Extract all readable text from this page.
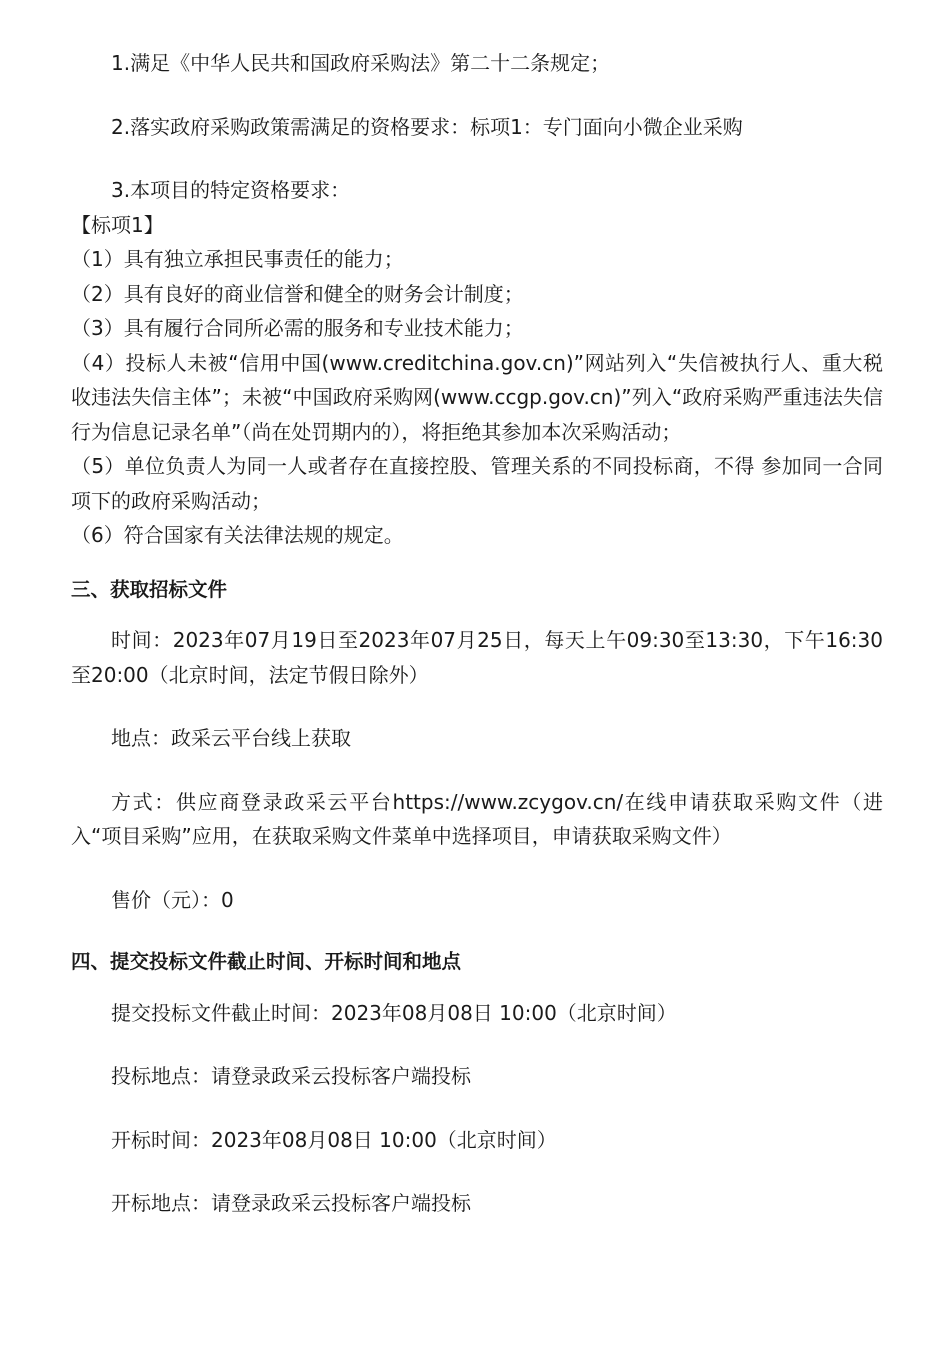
1.满足《中华人民共和国政府采购法》第二十二条规定；
2.落实政府采购政策需满足的资格要求：标项1：专门面向小微企业采购
3.本项目的特定资格要求：
【标项1】
（1）具有独立承担民事责任的能力；
（2）具有良好的商业信誉和健全的财务会计制度；
（3）具有履行合同所必需的服务和专业技术能力；
（4）投标人未被“信用中国(www.creditchina.gov.cn)”网站列入“失信被执行人、重大税收违法失信主体”；未被“中国政府采购网(www.ccgp.gov.cn)”列入“政府采购严重违法失信行为信息记录名单”（尚在处罚期内的），将拒绝其参加本次采购活动；
（5）单位负责人为同一人或者存在直接控股、管理关系的不同投标商，不得 参加同一合同项下的政府采购活动；
（6）符合国家有关法律法规的规定。
三、获取招标文件
时间：2023年07月19日至2023年07月25日，每天上午09:30至13:30，下午16:30至20:00（北京时间，法定节假日除外）
地点：政采云平台线上获取
方式：供应商登录政采云平台https://www.zcygov.cn/在线申请获取采购文件（进入“项目采购”应用，在获取采购文件菜单中选择项目，申请获取采购文件）
售价（元）：0
四、提交投标文件截止时间、开标时间和地点
提交投标文件截止时间：2023年08月08日 10:00（北京时间）
投标地点：请登录政采云投标客户端投标
开标时间：2023年08月08日 10:00（北京时间）
开标地点：请登录政采云投标客户端投标
